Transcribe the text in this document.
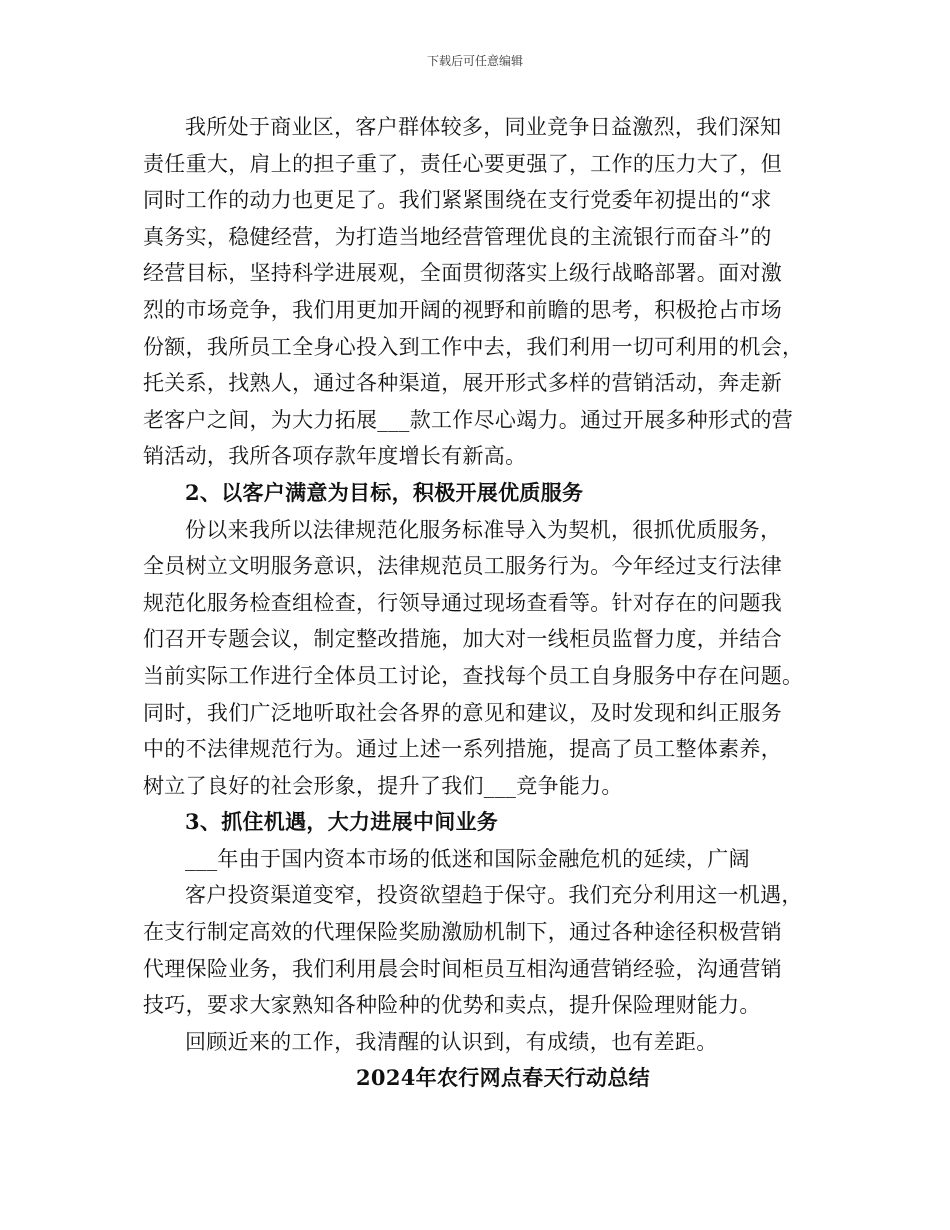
下载后可任意编辑
我所处于商业区，客户群体较多，同业竞争日益激烈，我们深知
责任重大，肩上的担子重了，责任心要更强了，工作的压力大了，但
同时工作的动力也更足了。我们紧紧围绕在支行党委年初提出的“求
真务实，稳健经营，为打造当地经营管理优良的主流银行而奋斗”的
经营目标，坚持科学进展观，全面贯彻落实上级行战略部署。面对激
烈的市场竞争，我们用更加开阔的视野和前瞻的思考，积极抢占市场
份额，我所员工全身心投入到工作中去，我们利用一切可利用的机会，
托关系，找熟人，通过各种渠道，展开形式多样的营销活动，奔走新
老客户之间，为大力拓展___款工作尽心竭力。通过开展多种形式的营
销活动，我所各项存款年度增长有新高。
2、以客户满意为目标，积极开展优质服务
份以来我所以法律规范化服务标准导入为契机，很抓优质服务，
全员树立文明服务意识，法律规范员工服务行为。今年经过支行法律
规范化服务检查组检查，行领导通过现场查看等。针对存在的问题我
们召开专题会议，制定整改措施，加大对一线柜员监督力度，并结合
当前实际工作进行全体员工讨论，查找每个员工自身服务中存在问题。
同时，我们广泛地听取社会各界的意见和建议，及时发现和纠正服务
中的不法律规范行为。通过上述一系列措施，提高了员工整体素养，
树立了良好的社会形象，提升了我们___竞争能力。
3、抓住机遇，大力进展中间业务
___年由于国内资本市场的低迷和国际金融危机的延续，广阔
客户投资渠道变窄，投资欲望趋于保守。我们充分利用这一机遇，
在支行制定高效的代理保险奖励激励机制下，通过各种途径积极营销
代理保险业务，我们利用晨会时间柜员互相沟通营销经验，沟通营销
技巧，要求大家熟知各种险种的优势和卖点，提升保险理财能力。
回顾近来的工作，我清醒的认识到，有成绩，也有差距。
2024年农行网点春天行动总结
